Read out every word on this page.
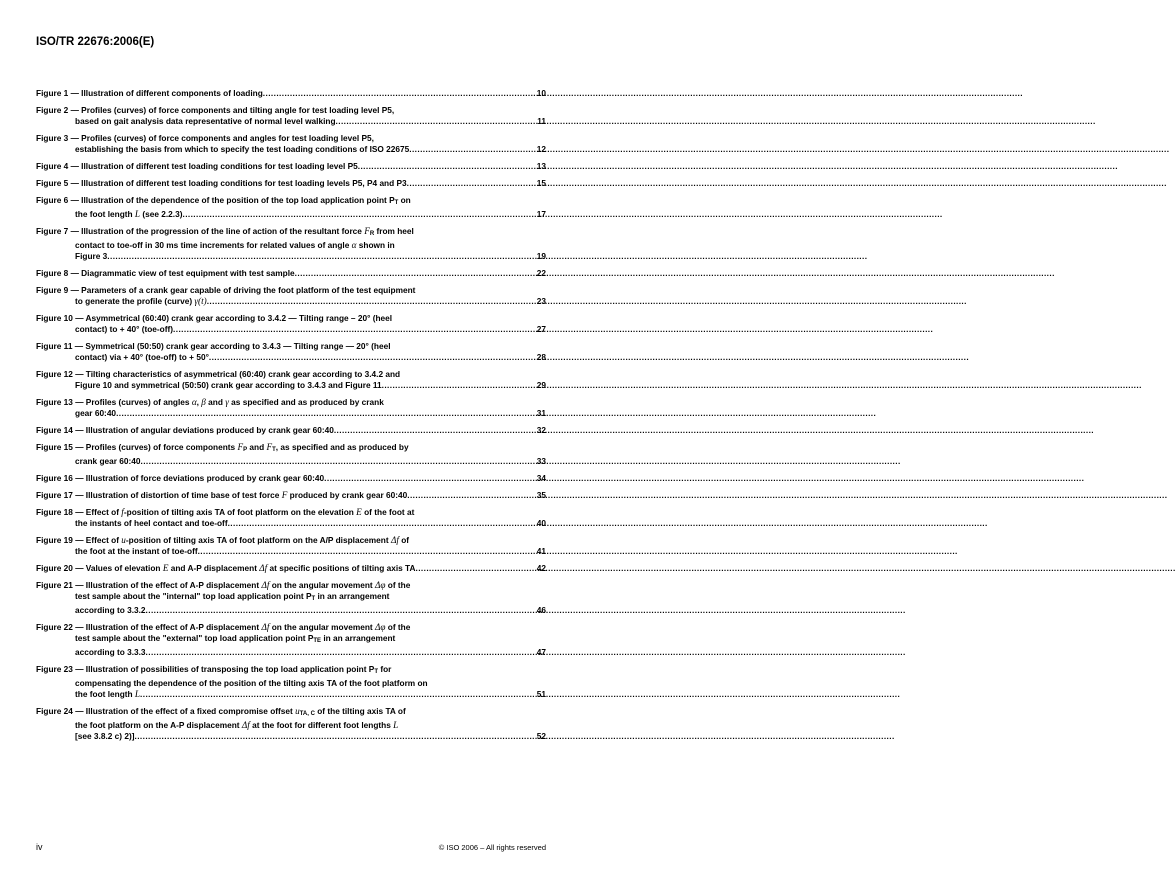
ISO/TR 22676:2006(E)
Figure 1 — Illustration of different components of loading .....	10
Figure 2 — Profiles (curves) of force components and tilting angle for test loading level P5,
based on gait analysis data representative of normal level walking .....	11
Figure 3 — Profiles (curves) of force components and angles for test loading level P5,
establishing the basis from which to specify the test loading conditions of ISO 22675 .....	12
Figure 4 — Illustration of different test loading conditions for test loading level P5 .....	13
Figure 5 — Illustration of different test loading conditions for test loading levels P5, P4 and P3 .....	15
Figure 6 — Illustration of the dependence of the position of the top load application point $P_T$ on
the foot length L (see 2.2.3) .....	17
Figure 7 — Illustration of the progression of the line of action of the resultant force $F_R$ from heel
contact to toe-off in 30 ms time increments for related values of angle α shown in
Figure 3 .....	19
Figure 8 — Diagrammatic view of test equipment with test sample .....	22
Figure 9 — Parameters of a crank gear capable of driving the foot platform of the test equipment
to generate the profile (curve) γ(t) .....	23
Figure 10 — Asymmetrical (60:40) crank gear according to 3.4.2 — Tilting range – 20° (heel
contact) to + 40° (toe-off) .....	27
Figure 11 — Symmetrical (50:50) crank gear according to 3.4.3 — Tilting range — 20° (heel
contact) via + 40° (toe-off) to + 50° .....	28
Figure 12 — Tilting characteristics of asymmetrical (60:40) crank gear according to 3.4.2 and
Figure 10 and symmetrical (50:50) crank gear according to 3.4.3 and Figure 11 .....	29
Figure 13 — Profiles (curves) of angles α, β and γ as specified and as produced by crank
gear 60:40 .....	31
Figure 14 — Illustration of angular deviations produced by crank gear 60:40 .....	32
Figure 15 — Profiles (curves) of force components $F_P$ and $F_T$, as specified and as produced by
crank gear 60:40 .....	33
Figure 16 — Illustration of force deviations produced by crank gear 60:40 .....	34
Figure 17 — Illustration of distortion of time base of test force F produced by crank gear 60:40 .....	35
Figure 18 — Effect of f-position of tilting axis TA of foot platform on the elevation E of the foot at
the instants of heel contact and toe-off .....	40
Figure 19 — Effect of u-position of tilting axis TA of foot platform on the A/P displacement Δf of
the foot at the instant of toe-off .....	41
Figure 20 — Values of elevation E and A-P displacement Δf at specific positions of tilting axis TA .....	42
Figure 21 — Illustration of the effect of A-P displacement Δf on the angular movement Δφ of the
test sample about the "internal" top load application point $P_T$ in an arrangement
according to 3.3.2 .....	46
Figure 22 — Illustration of the effect of A-P displacement Δf on the angular movement Δφ of the
test sample about the "external" top load application point $P_{TE}$ in an arrangement
according to 3.3.3 .....	47
Figure 23 — Illustration of possibilities of transposing the top load application point $P_T$ for
compensating the dependence of the position of the tilting axis TA of the foot platform on
the foot length L .....	51
Figure 24 — Illustration of the effect of a fixed compromise offset $u_{TA, C}$ of the tilting axis TA of
the foot platform on the A-P displacement Δf at the foot for different foot lengths L
[see 3.8.2 c) 2)] .....	52
iv	© ISO 2006 – All rights reserved
